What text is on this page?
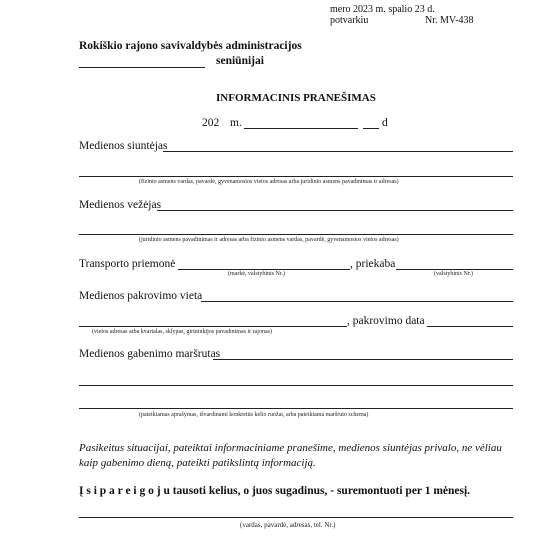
mero 2023 m. spalio 23 d.
potvarkiu	Nr. MV-438
Rokiškio rajono savivaldybės administracijos
seniūnijai
INFORMACINIS PRANEŠIMAS
202 m.	d
Medienos siuntėjas
(fizinio asmens vardas, pavardė, gyvenamosios vietos adresas arba juridinio asmens pavadinimas ir adresas)
Medienos vežėjas
(juridinio asmens pavadinimas ir adresas arba fizinio asmens vardas, pavardė, gyvenamosios vietos adresas)
Transporto priemonė	, priekaba
(markė, valstybinis Nr.)	(valstybinis Nr.)
Medienos pakrovimo vieta
, pakrovimo data
(vietos adresas arba kvartalas, sklypas, girininkijos pavadinimas ir rajonas)
Medienos gabenimo maršrutas
(pateikiamas aprašymas, išvardinami konkretūs kelio ruožai, arba pateikiama maršruto schema)
Pasikeitus situacijai, pateiktai informaciniame pranešime, medienos siuntėjas privalo, ne vėliau kaip gabenimo dieną, pateikti patikslintą informaciją.
Į s i p a r e i g o j u tausoti kelius, o juos sugadinus, - suremontuoti per 1 mėnesį.
(vardas, pavardė, adresas, tel. Nr.)
